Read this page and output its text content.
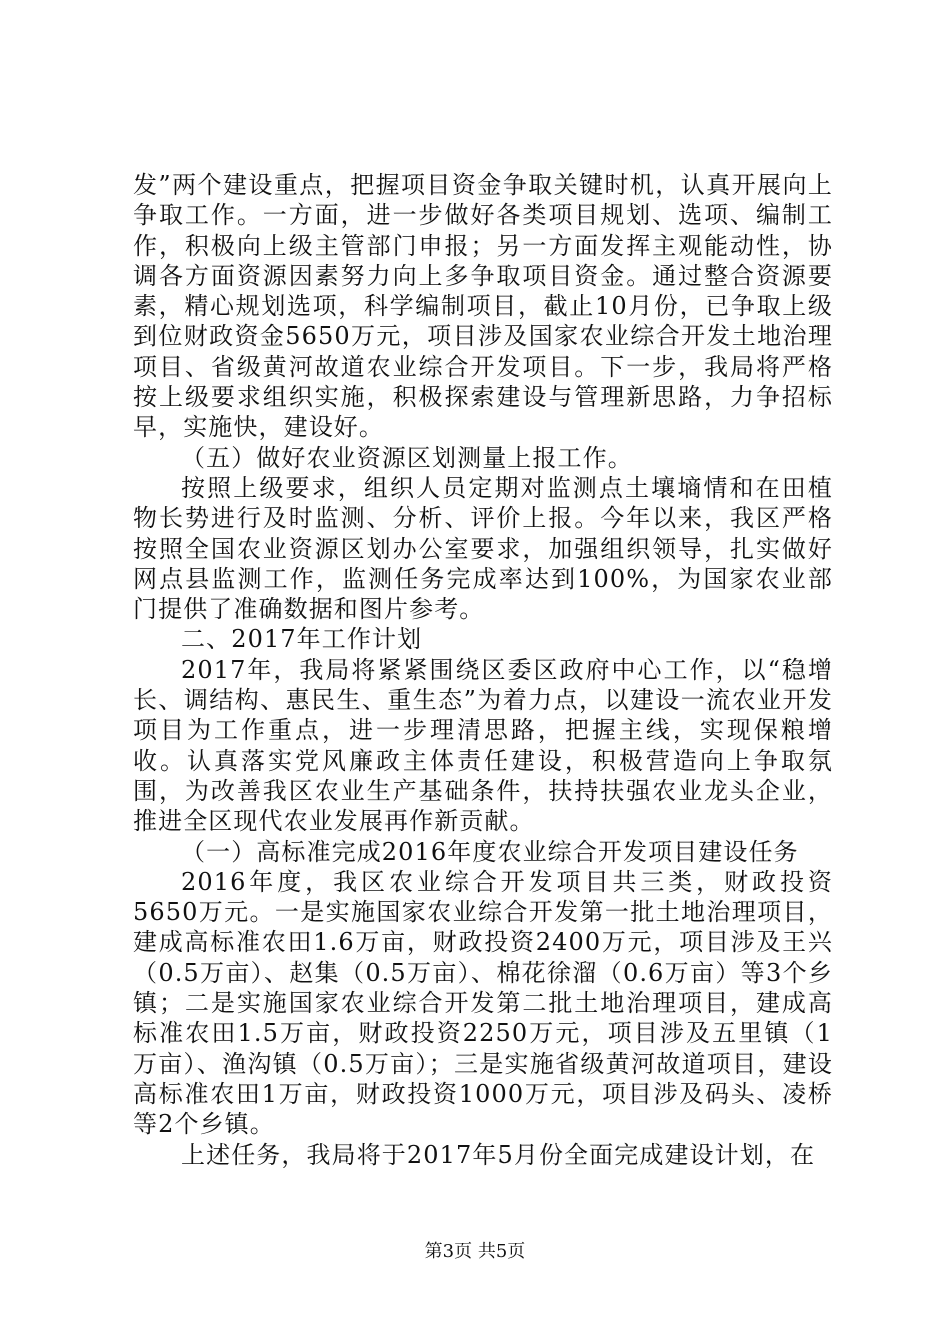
发”两个建设重点，把握项目资金争取关键时机，认真开展向上争取工作。一方面，进一步做好各类项目规划、选项、编制工作，积极向上级主管部门申报；另一方面发挥主观能动性，协调各方面资源因素努力向上多争取项目资金。通过整合资源要素，精心规划选项，科学编制项目，截止10月份，已争取上级到位财政资金5650万元，项目涉及国家农业综合开发土地治理项目、省级黄河故道农业综合开发项目。下一步，我局将严格按上级要求组织实施，积极探索建设与管理新思路，力争招标早，实施快，建设好。

（五）做好农业资源区划测量上报工作。

按照上级要求，组织人员定期对监测点土壤墒情和在田植物长势进行及时监测、分析、评价上报。今年以来，我区严格按照全国农业资源区划办公室要求，加强组织领导，扎实做好网点县监测工作，监测任务完成率达到100%，为国家农业部门提供了准确数据和图片参考。

二、2017年工作计划

2017年，我局将紧紧围绕区委区政府中心工作，以“稳增长、调结构、惠民生、重生态”为着力点，以建设一流农业开发项目为工作重点，进一步理清思路，把握主线，实现保粮增收。认真落实党风廉政主体责任建设，积极营造向上争取氛围，为改善我区农业生产基础条件，扶持扶强农业龙头企业，推进全区现代农业发展再作新贡献。

（一）高标准完成2016年度农业综合开发项目建设任务

2016年度，我区农业综合开发项目共三类，财政投资5650万元。一是实施国家农业综合开发第一批土地治理项目，建成高标准农田1.6万亩，财政投资2400万元，项目涉及王兴（0.5万亩）、赵集（0.5万亩）、棉花徐溜（0.6万亩）等3个乡镇；二是实施国家农业综合开发第二批土地治理项目，建成高标准农田1.5万亩，财政投资2250万元，项目涉及五里镇（1万亩）、渔沟镇（0.5万亩）；三是实施省级黄河故道项目，建设高标准农田1万亩，财政投资1000万元，项目涉及码头、凌桥等2个乡镇。

上述任务，我局将于2017年5月份全面完成建设计划，在

第3页 共5页
